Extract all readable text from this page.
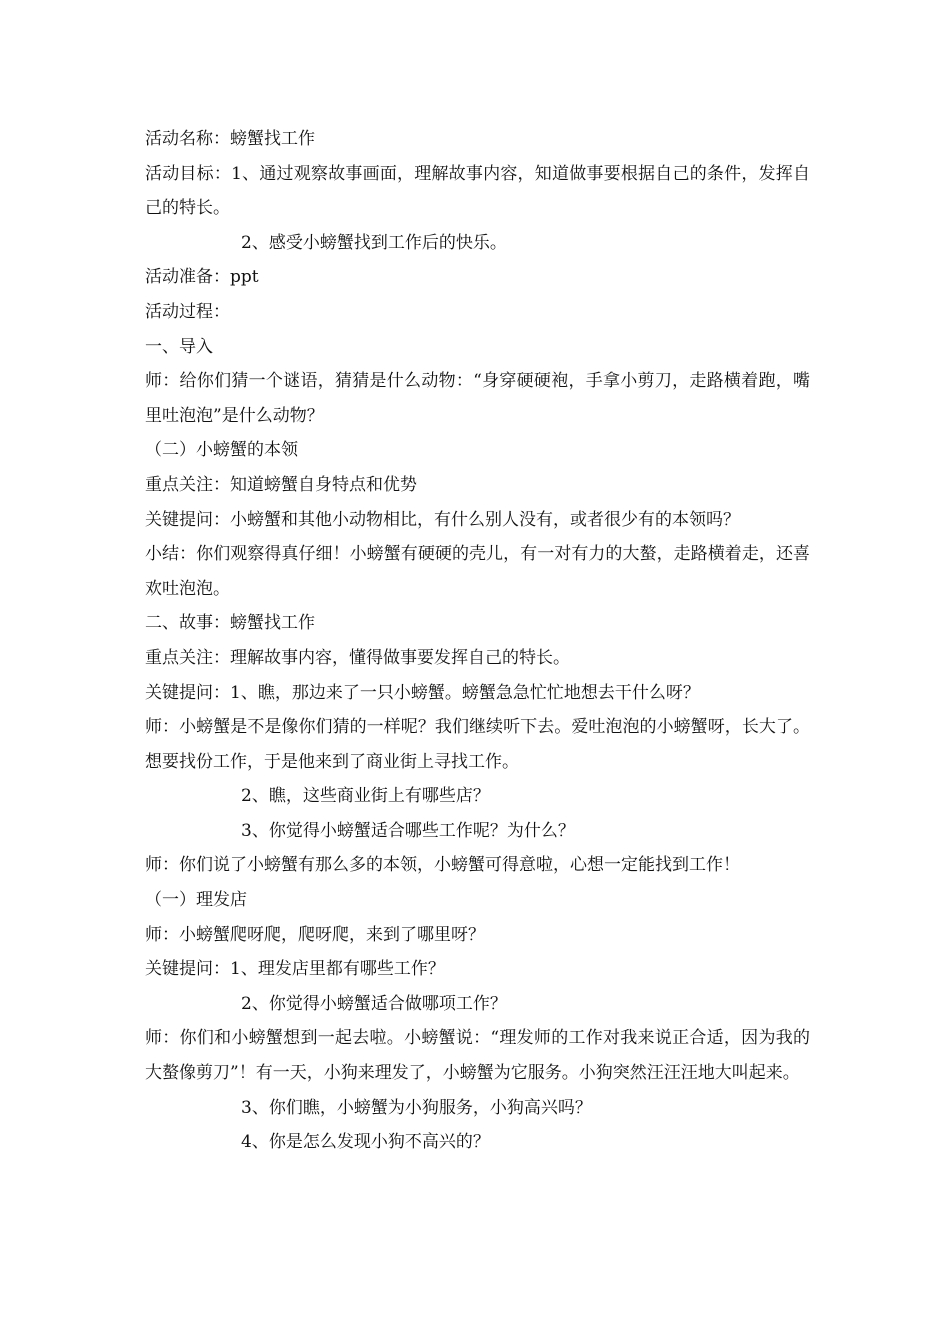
活动名称：螃蟹找工作

活动目标：1、通过观察故事画面，理解故事内容，知道做事要根据自己的条件，发挥自己的特长。

2、感受小螃蟹找到工作后的快乐。

活动准备：ppt

活动过程：

一、导入

师：给你们猜一个谜语，猜猜是什么动物：“身穿硬硬袍，手拿小剪刀，走路横着跑，嘴里吐泡泡”是什么动物？

（二）小螃蟹的本领

重点关注：知道螃蟹自身特点和优势

关键提问：小螃蟹和其他小动物相比，有什么别人没有，或者很少有的本领吗？

小结：你们观察得真仔细！小螃蟹有硬硬的壳儿，有一对有力的大螯，走路横着走，还喜欢吐泡泡。

二、故事：螃蟹找工作

重点关注：理解故事内容，懂得做事要发挥自己的特长。

关键提问：1、瞧，那边来了一只小螃蟹。螃蟹急急忙忙地想去干什么呀？

师：小螃蟹是不是像你们猜的一样呢？我们继续听下去。爱吐泡泡的小螃蟹呀，长大了。想要找份工作，于是他来到了商业街上寻找工作。

2、瞧，这些商业街上有哪些店？

3、你觉得小螃蟹适合哪些工作呢？为什么？

师：你们说了小螃蟹有那么多的本领，小螃蟹可得意啦，心想一定能找到工作！

（一）理发店

师：小螃蟹爬呀爬，爬呀爬，来到了哪里呀？

关键提问：1、理发店里都有哪些工作？

2、你觉得小螃蟹适合做哪项工作？

师：你们和小螃蟹想到一起去啦。小螃蟹说：“理发师的工作对我来说正合适，因为我的大螯像剪刀”！有一天，小狗来理发了，小螃蟹为它服务。小狗突然汪汪汪地大叫起来。

3、你们瞧，小螃蟹为小狗服务，小狗高兴吗？

4、你是怎么发现小狗不高兴的？
